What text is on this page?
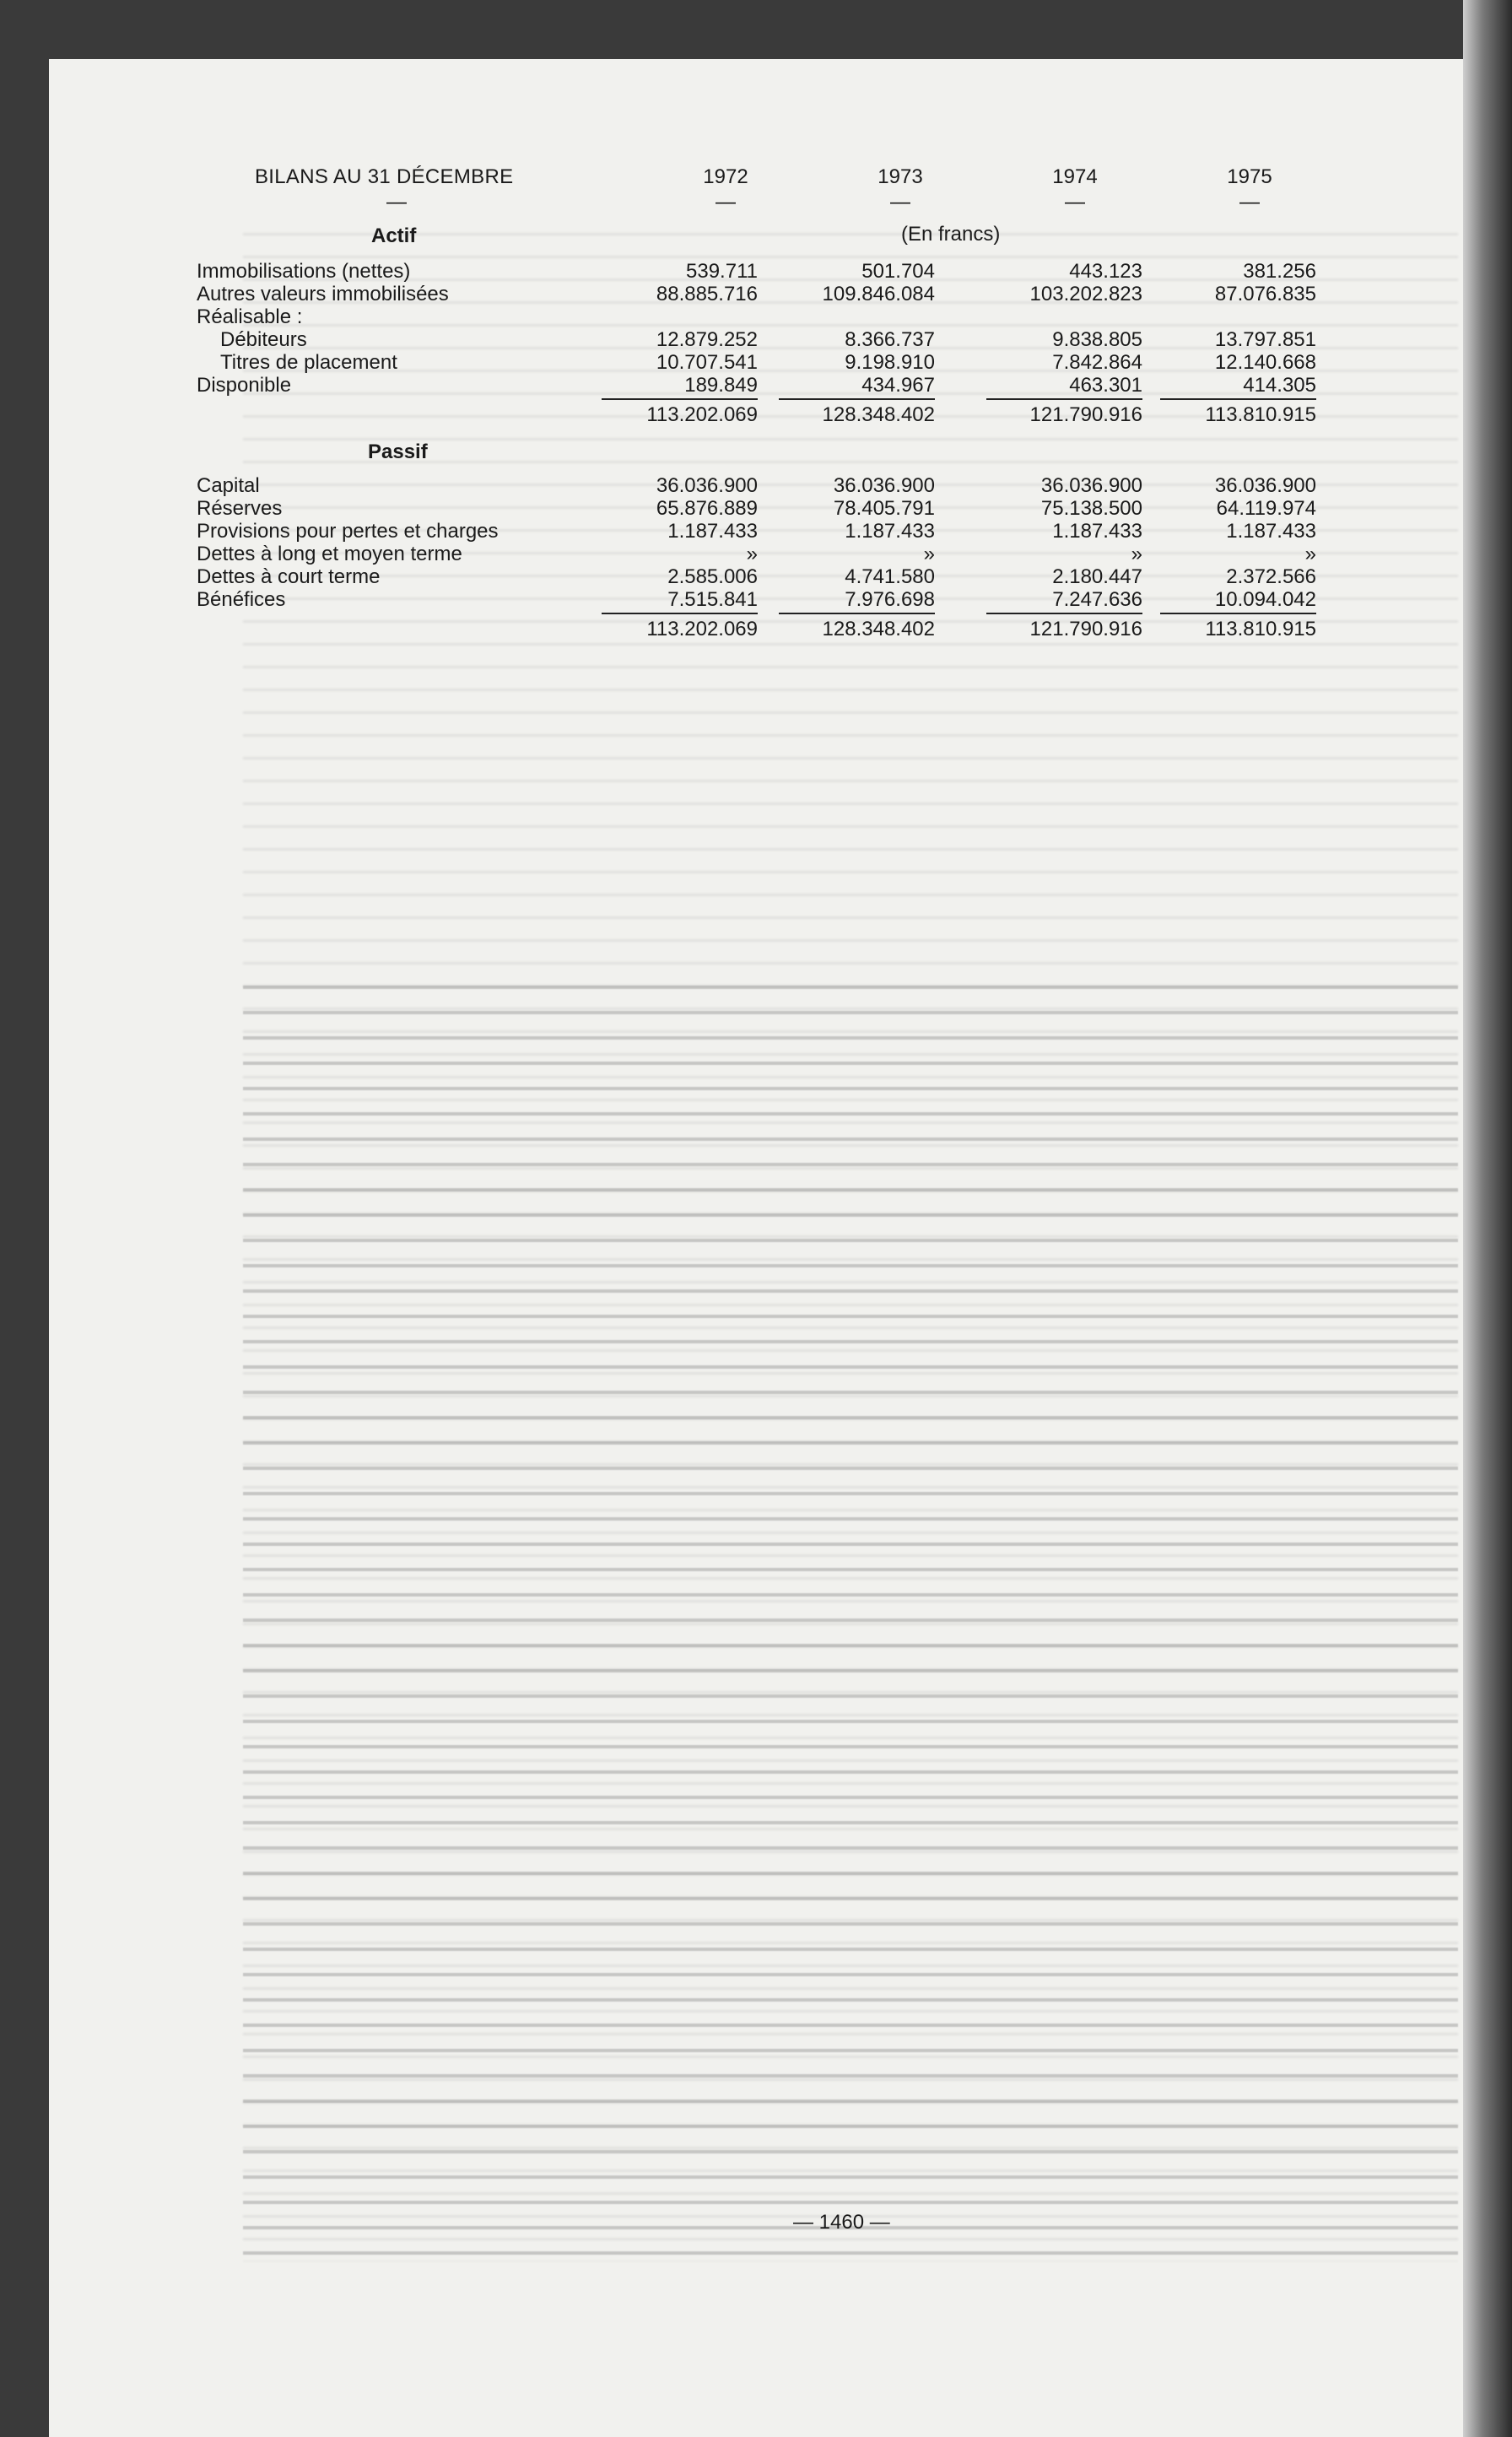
BILANS AU 31 DÉCEMBRE	1972	1973	1974	1975
—	—	—	—	—
Actif	(En francs)
Passif
— 1460 —
Immobilisations (nettes)	539.711	501.704	443.123	381.256
Autres valeurs immobilisées	88.885.716	109.846.084	103.202.823	87.076.835
Réalisable :
Débiteurs	12.879.252	8.366.737	9.838.805	13.797.851
Titres de placement	10.707.541	9.198.910	7.842.864	12.140.668
Disponible	189.849	434.967	463.301	414.305
113.202.069	128.348.402	121.790.916	113.810.915
Capital	36.036.900	36.036.900	36.036.900	36.036.900
Réserves	65.876.889	78.405.791	75.138.500	64.119.974
Provisions pour pertes et charges	1.187.433	1.187.433	1.187.433	1.187.433
Dettes à long et moyen terme	»	»	»	»
Dettes à court terme	2.585.006	4.741.580	2.180.447	2.372.566
Bénéfices	7.515.841	7.976.698	7.247.636	10.094.042
113.202.069	128.348.402	121.790.916	113.810.915
